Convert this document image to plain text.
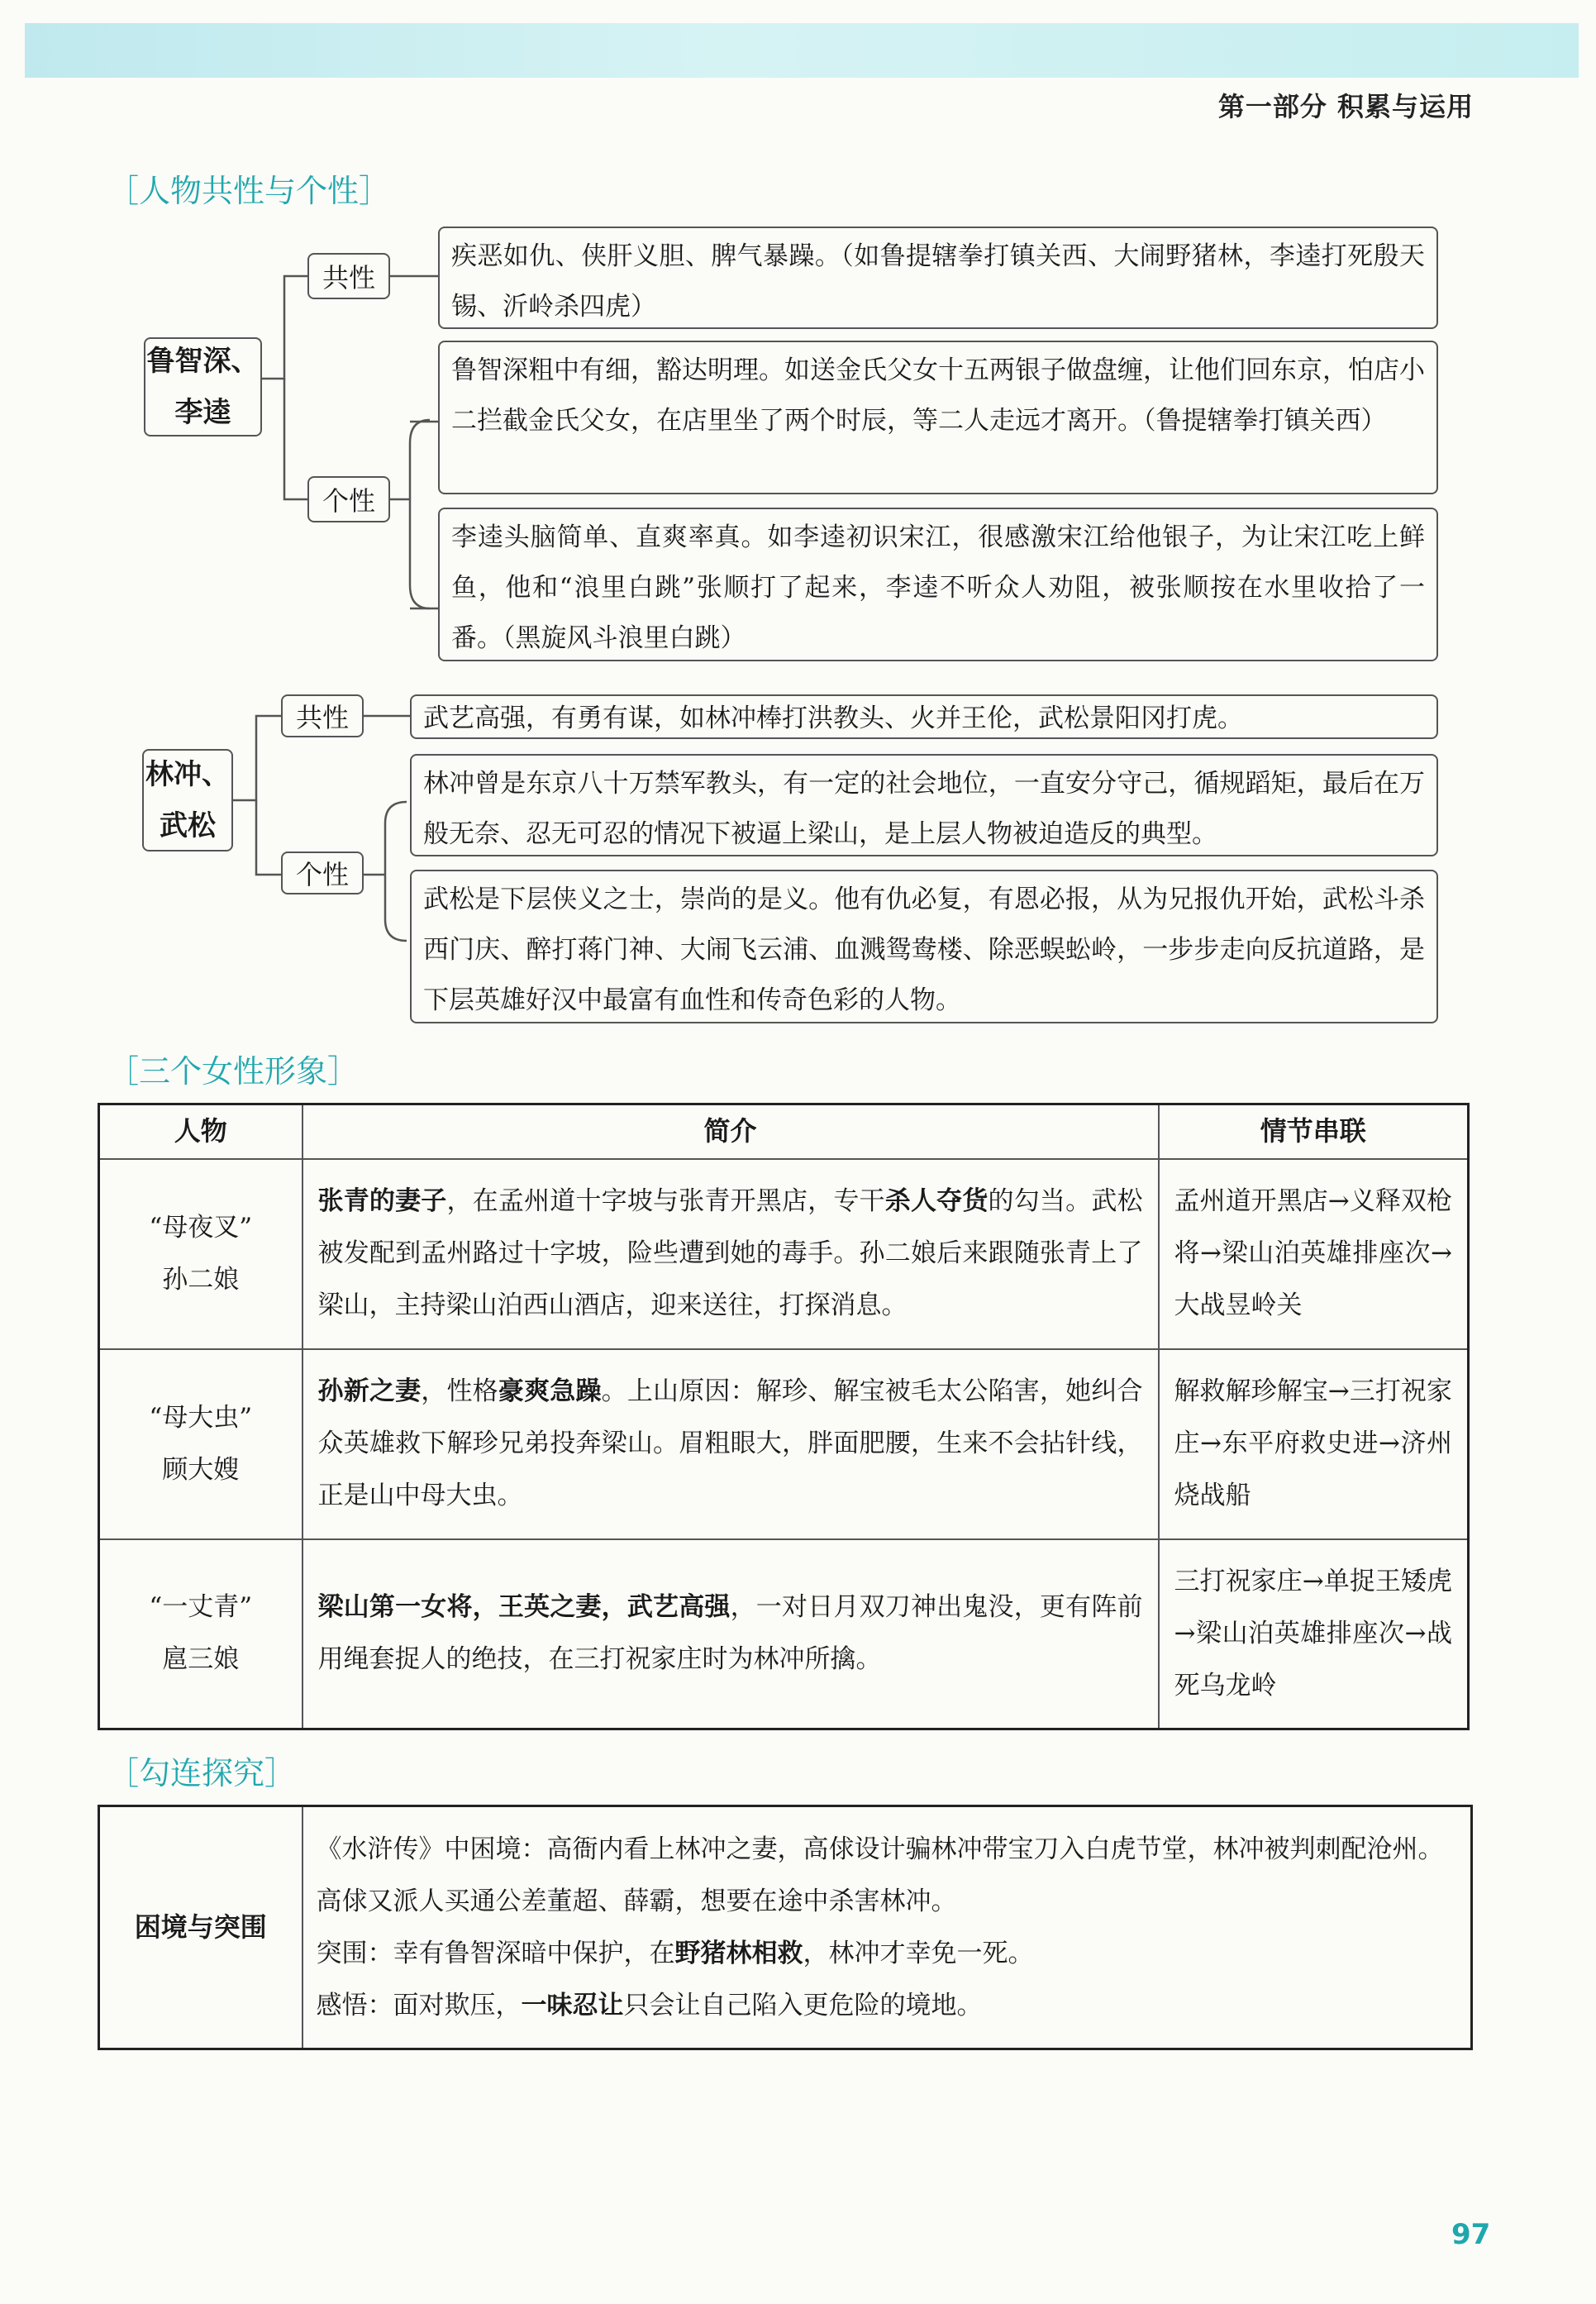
第一部分 积累与运用
［人物共性与个性］
鲁智深、
李逵
共性
疾恶如仇、侠肝义胆、脾气暴躁。（如鲁提辖拳打镇关西、大闹野猪林，李逵打死殷天锡、沂岭杀四虎）
个性
鲁智深粗中有细，豁达明理。如送金氏父女十五两银子做盘缠，让他们回东京，怕店小二拦截金氏父女，在店里坐了两个时辰，等二人走远才离开。（鲁提辖拳打镇关西）
李逵头脑简单、直爽率真。如李逵初识宋江，很感激宋江给他银子，为让宋江吃上鲜鱼，他和“浪里白跳”张顺打了起来，李逵不听众人劝阻，被张顺按在水里收拾了一番。（黑旋风斗浪里白跳）
林冲、
武松
共性	武艺高强，有勇有谋，如林冲棒打洪教头、火并王伦，武松景阳冈打虎。
个性
林冲曾是东京八十万禁军教头，有一定的社会地位，一直安分守己，循规蹈矩，最后在万般无奈、忍无可忍的情况下被逼上梁山，是上层人物被迫造反的典型。
武松是下层侠义之士，崇尚的是义。他有仇必复，有恩必报，从为兄报仇开始，武松斗杀西门庆、醉打蒋门神、大闹飞云浦、血溅鸳鸯楼、除恶蜈蚣岭，一步步走向反抗道路，是下层英雄好汉中最富有血性和传奇色彩的人物。
［三个女性形象］
人物	简介	情节串联

“母夜叉”
孙二娘	张青的妻子，在孟州道十字坡与张青开黑店，专干杀人夺货的勾当。武松被发配到孟州路过十字坡，险些遭到她的毒手。孙二娘后来跟随张青上了梁山，主持梁山泊西山酒店，迎来送往，打探消息。	孟州道开黑店→义释双枪将→梁山泊英雄排座次→大战昱岭关

“母大虫”
顾大嫂	孙新之妻，性格豪爽急躁。上山原因：解珍、解宝被毛太公陷害，她纠合众英雄救下解珍兄弟投奔梁山。眉粗眼大，胖面肥腰，生来不会拈针线，正是山中母大虫。	解救解珍解宝→三打祝家庄→东平府救史进→济州烧战船

“一丈青”
扈三娘	梁山第一女将，王英之妻，武艺高强，一对日月双刀神出鬼没，更有阵前用绳套捉人的绝技，在三打祝家庄时为林冲所擒。	三打祝家庄→单捉王矮虎→梁山泊英雄排座次→战死乌龙岭
［勾连探究］
困境与突围	

《水浒传》中困境：高衙内看上林冲之妻，高俅设计骗林冲带宝刀入白虎节堂，林冲被判刺配沧州。高俅又派人买通公差董超、薛霸，想要在途中杀害林冲。

突围：幸有鲁智深暗中保护，在野猪林相救，林冲才幸免一死。

感悟：面对欺压，一味忍让只会让自己陷入更危险的境地。

97
